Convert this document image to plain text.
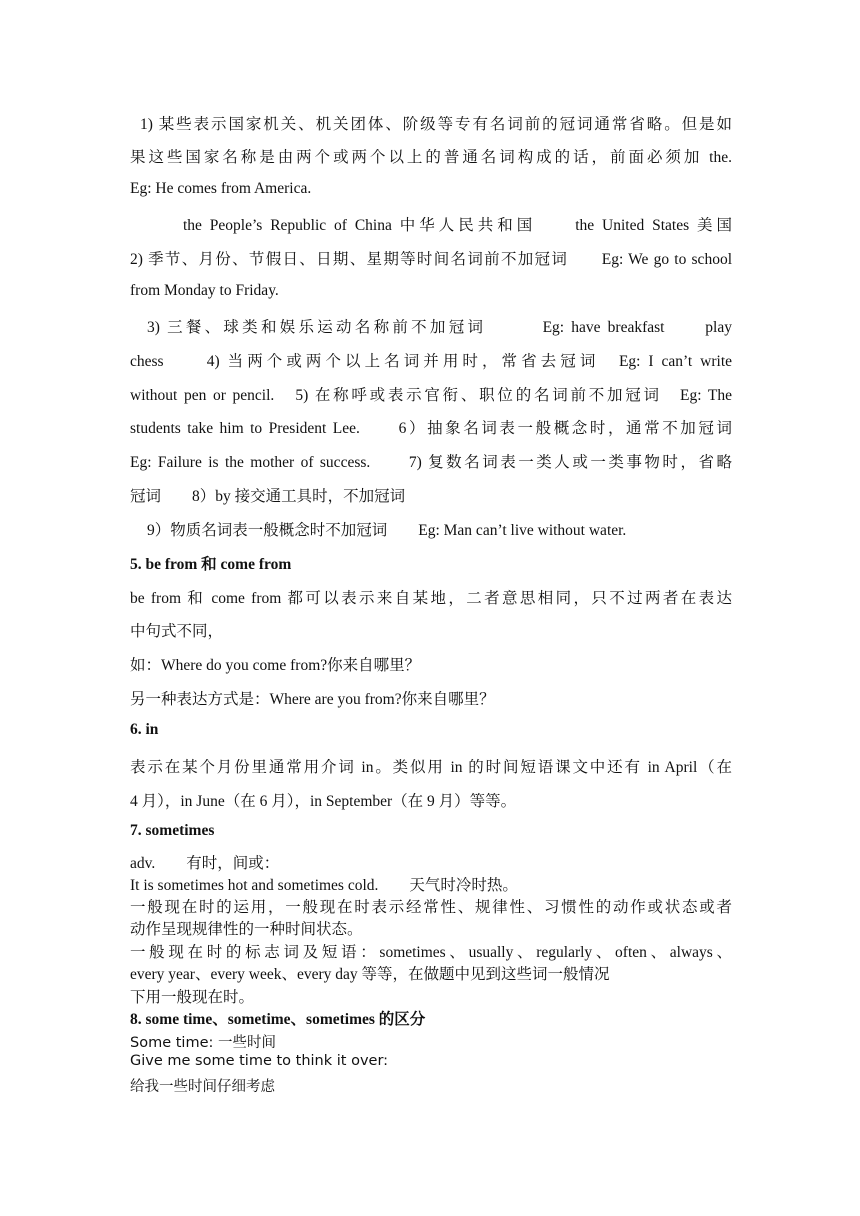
1) 某些表示国家机关、机关团体、阶级等专有名词前的冠词通常省略。但是如
果这些国家名称是由两个或两个以上的普通名词构成的话，前面必须加 the.
Eg: He comes from America.
the People’s Republic of China 中华人民共和国　　the United States 美国
2) 季节、月份、节假日、日期、星期等时间名词前不加冠词　　Eg: We go to school
from Monday to Friday.
3) 三餐、球类和娱乐运动名称前不加冠词　　　Eg: have breakfast　　play
chess　　4) 当两个或两个以上名词并用时，常省去冠词　Eg: I can’t write
without pen or pencil.　5) 在称呼或表示官衔、职位的名词前不加冠词　Eg: The
students take him to President Lee.　　6）抽象名词表一般概念时，通常不加冠词
Eg: Failure is the mother of success.　　7) 复数名词表一类人或一类事物时，省略
冠词　　8）by 接交通工具时，不加冠词
9）物质名词表一般概念时不加冠词　　Eg: Man can’t live without water.
5. be from 和 come from
be from 和 come from 都可以表示来自某地，二者意思相同，只不过两者在表达
中句式不同，
如：Where do you come from?你来自哪里？
另一种表达方式是：Where are you from?你来自哪里？
6. in
表示在某个月份里通常用介词 in。类似用 in 的时间短语课文中还有 in April（在
4 月），in June（在 6 月），in September（在 9 月）等等。
7. sometimes
adv.　　有时，间或：
It is sometimes hot and sometimes cold.　　天气时冷时热。
一般现在时的运用，一般现在时表示经常性、规律性、习惯性的动作或状态或者
动作呈现规律性的一种时间状态。
一般现在时的标志词及短语：sometimes、usually、regularly、often、always、
every year、every week、every day 等等，在做题中见到这些词一般情况
下用一般现在时。
8. some time、sometime、sometimes 的区分
Some time: 一些时间
Give me some time to think it over:
给我一些时间仔细考虑
